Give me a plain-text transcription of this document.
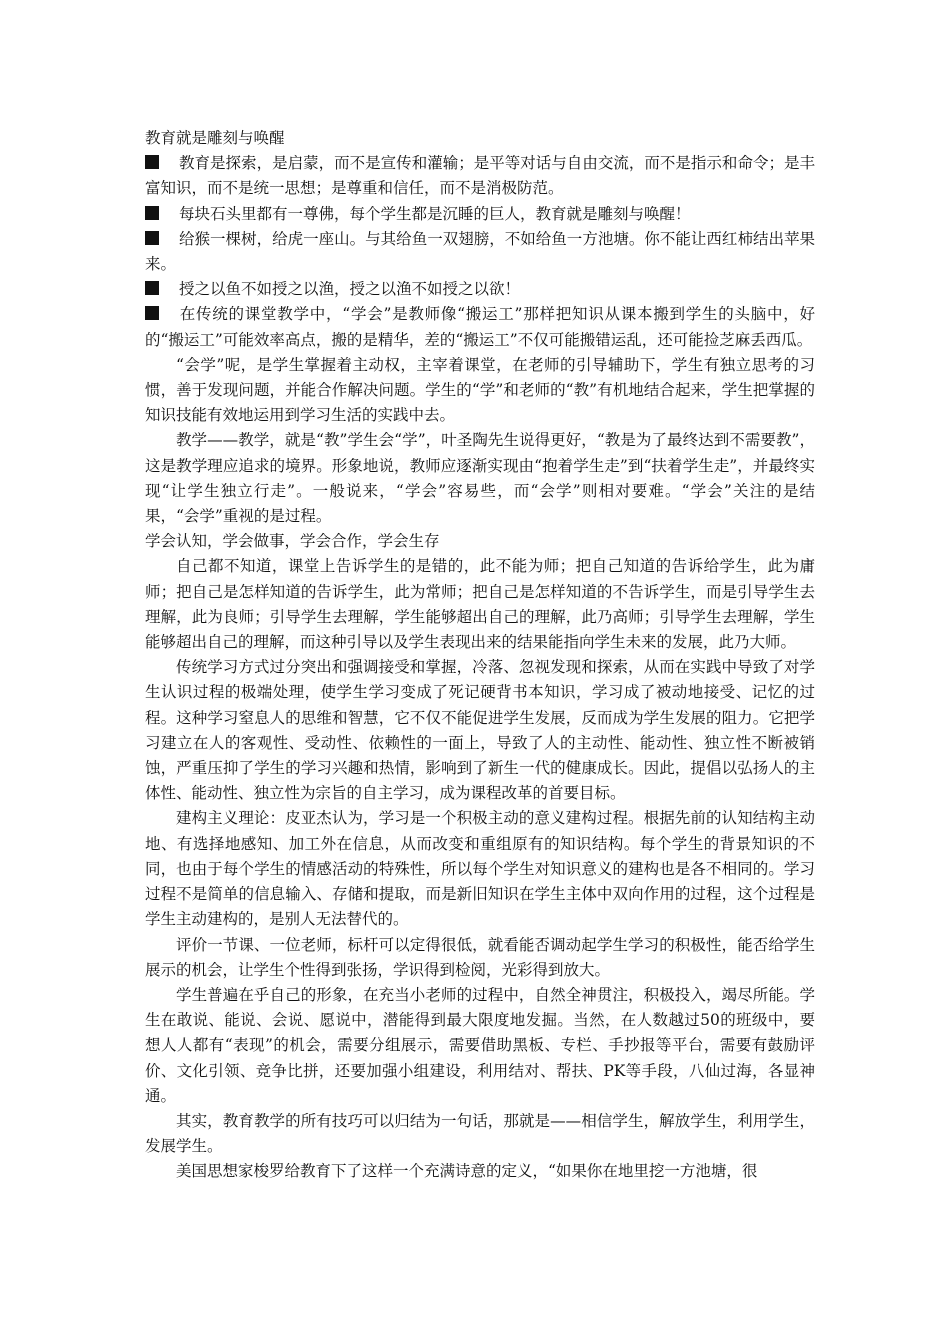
教育就是雕刻与唤醒

教育是探索，是启蒙，而不是宣传和灌输；是平等对话与自由交流，而不是指示和命令；是丰富知识，而不是统一思想；是尊重和信任，而不是消极防范。

每块石头里都有一尊佛，每个学生都是沉睡的巨人，教育就是雕刻与唤醒！

给猴一棵树，给虎一座山。与其给鱼一双翅膀，不如给鱼一方池塘。你不能让西红柿结出苹果来。

授之以鱼不如授之以渔，授之以渔不如授之以欲！

在传统的课堂教学中，“学会”是教师像“搬运工”那样把知识从课本搬到学生的头脑中，好的“搬运工”可能效率高点，搬的是精华，差的“搬运工”不仅可能搬错运乱，还可能捡芝麻丢西瓜。

“会学”呢，是学生掌握着主动权，主宰着课堂，在老师的引导辅助下，学生有独立思考的习惯，善于发现问题，并能合作解决问题。学生的“学”和老师的“教”有机地结合起来，学生把掌握的知识技能有效地运用到学习生活的实践中去。

教学——教学，就是“教”学生会“学”，叶圣陶先生说得更好，“教是为了最终达到不需要教”，这是教学理应追求的境界。形象地说，教师应逐渐实现由“抱着学生走”到“扶着学生走”，并最终实现“让学生独立行走”。一般说来，“学会”容易些，而“会学”则相对要难。“学会”关注的是结果，“会学”重视的是过程。

学会认知，学会做事，学会合作，学会生存

自己都不知道，课堂上告诉学生的是错的，此不能为师；把自己知道的告诉给学生，此为庸师；把自己是怎样知道的告诉学生，此为常师；把自己是怎样知道的不告诉学生，而是引导学生去理解，此为良师；引导学生去理解，学生能够超出自己的理解，此乃高师；引导学生去理解，学生能够超出自己的理解，而这种引导以及学生表现出来的结果能指向学生未来的发展，此乃大师。

传统学习方式过分突出和强调接受和掌握，冷落、忽视发现和探索，从而在实践中导致了对学生认识过程的极端处理，使学生学习变成了死记硬背书本知识，学习成了被动地接受、记忆的过程。这种学习窒息人的思维和智慧，它不仅不能促进学生发展，反而成为学生发展的阻力。它把学习建立在人的客观性、受动性、依赖性的一面上，导致了人的主动性、能动性、独立性不断被销蚀，严重压抑了学生的学习兴趣和热情，影响到了新生一代的健康成长。因此，提倡以弘扬人的主体性、能动性、独立性为宗旨的自主学习，成为课程改革的首要目标。

建构主义理论：皮亚杰认为，学习是一个积极主动的意义建构过程。根据先前的认知结构主动地、有选择地感知、加工外在信息，从而改变和重组原有的知识结构。每个学生的背景知识的不同，也由于每个学生的情感活动的特殊性，所以每个学生对知识意义的建构也是各不相同的。学习过程不是简单的信息输入、存储和提取，而是新旧知识在学生主体中双向作用的过程，这个过程是学生主动建构的，是别人无法替代的。

评价一节课、一位老师，标杆可以定得很低，就看能否调动起学生学习的积极性，能否给学生展示的机会，让学生个性得到张扬，学识得到检阅，光彩得到放大。

学生普遍在乎自己的形象，在充当小老师的过程中，自然全神贯注，积极投入，竭尽所能。学生在敢说、能说、会说、愿说中，潜能得到最大限度地发掘。当然，在人数越过50的班级中，要想人人都有“表现”的机会，需要分组展示，需要借助黑板、专栏、手抄报等平台，需要有鼓励评价、文化引领、竞争比拼，还要加强小组建设，利用结对、帮扶、PK等手段，八仙过海，各显神通。

其实，教育教学的所有技巧可以归结为一句话，那就是——相信学生，解放学生，利用学生，发展学生。

美国思想家梭罗给教育下了这样一个充满诗意的定义，“如果你在地里挖一方池塘，很
